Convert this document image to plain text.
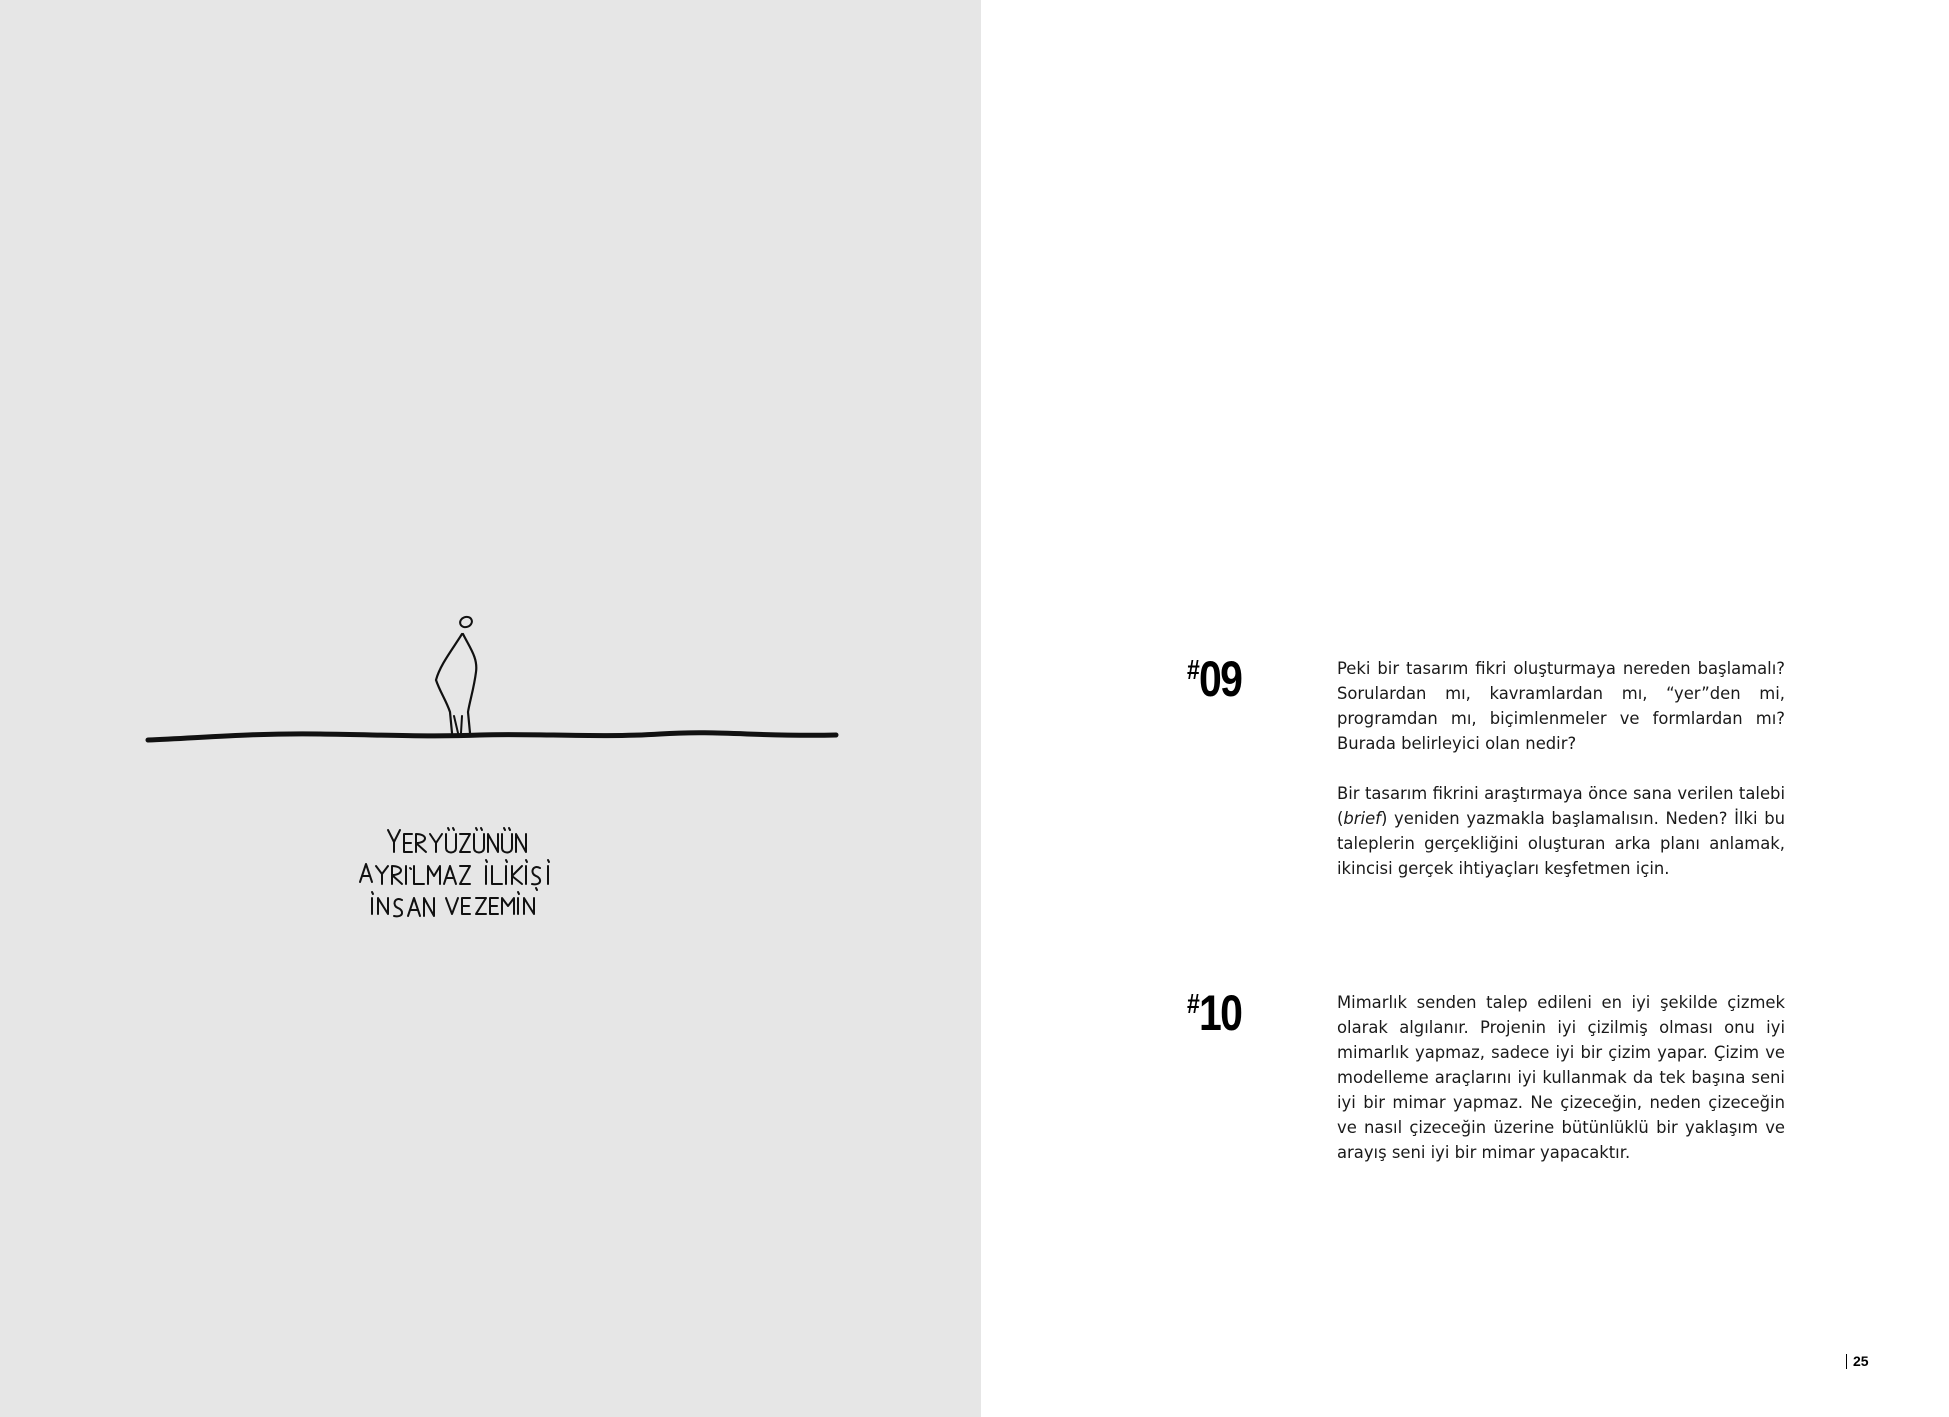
#09	Peki bir tasarım fikri oluşturmaya nereden başlamalı? Sorulardan mı, kavramlardan mı, “yer”den mi, programdan mı, biçimlenmeler ve formlardan mı? Burada belirleyici olan nedir?

Bir tasarım fikrini araştırmaya önce sana verilen talebi (brief) yeniden yazmakla başlamalısın. Neden? İlki bu taleplerin gerçekliğini oluşturan arka planı anlamak, ikincisi gerçek ihtiyaçları keşfetmen için.

#10	Mimarlık senden talep edileni en iyi şekilde çizmek olarak algılanır. Projenin iyi çizilmiş olması onu iyi mimarlık yapmaz, sadece iyi bir çizim yapar. Çizim ve modelleme araçlarını iyi kullanmak da tek başına seni iyi bir mimar yapmaz. Ne çizeceğin, neden çizeceğin ve nasıl çizeceğin üzerine bütünlüklü bir yaklaşım ve arayış seni iyi bir mimar yapacaktır.

25
